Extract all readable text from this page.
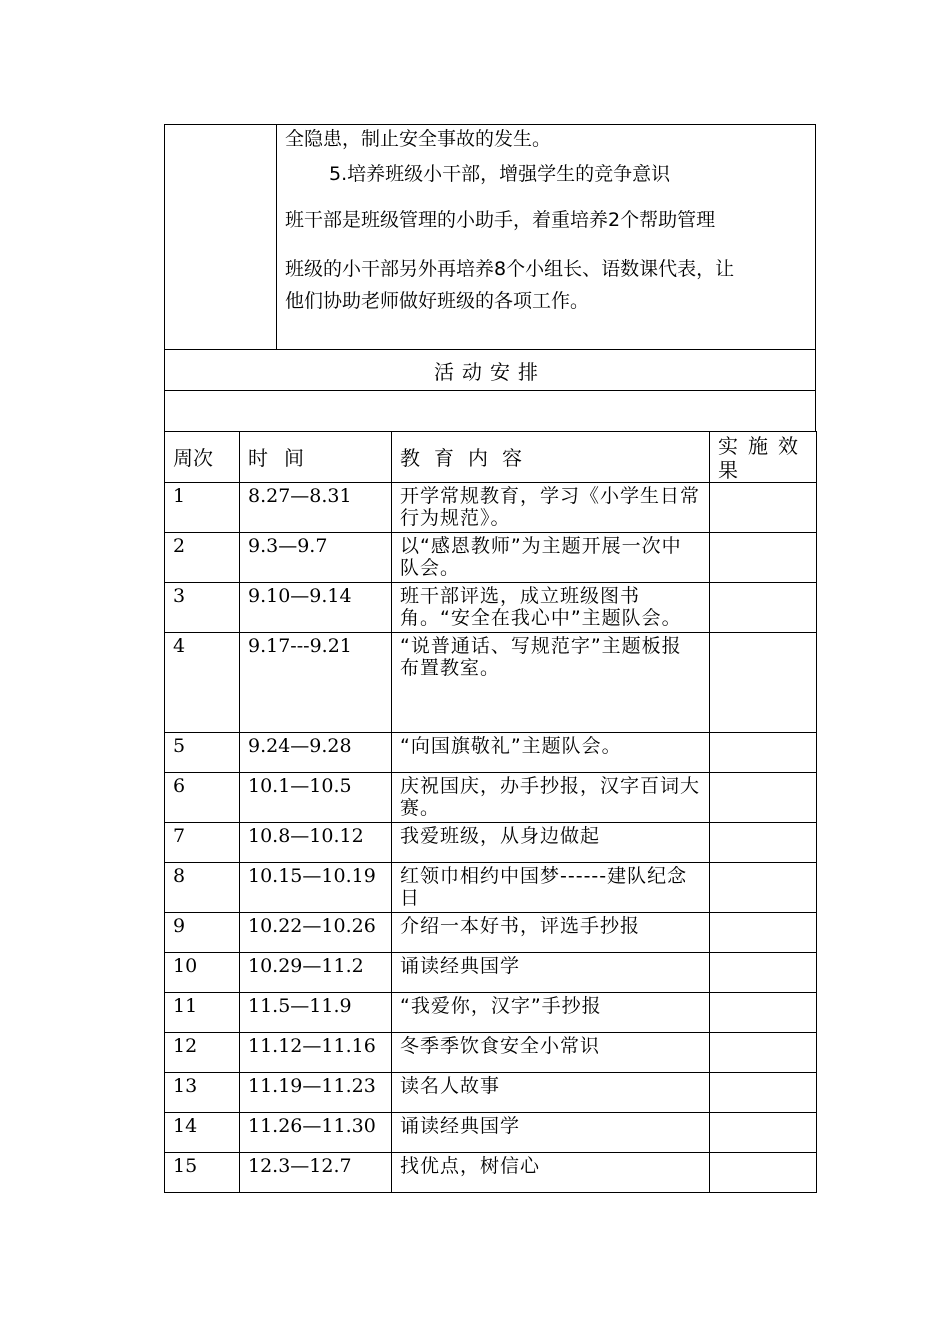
全隐患，制止安全事故的发生。

5.培养班级小干部，增强学生的竞争意识

班干部是班级管理的小助手，着重培养2个帮助管理

班级的小干部另外再培养8个小组长、语数课代表，让

他们协助老师做好班级的各项工作。

活动安排

周次	时间	教育内容	实施效果
1	8.27—8.31	开学常规教育，学习《小学生日常行为规范》。	
2	9.3—9.7	以“感恩教师”为主题开展一次中队会。	
3	9.10—9.14	班干部评选，成立班级图书角。“安全在我心中”主题队会。	
4	9.17---9.21	“说普通话、写规范字”主题板报布置教室。	
5	9.24—9.28	“向国旗敬礼”主题队会。	
6	10.1—10.5	庆祝国庆，办手抄报，汉字百词大赛。	
7	10.8—10.12	我爱班级，从身边做起	
8	10.15—10.19	红领巾相约中国梦------建队纪念日	
9	10.22—10.26	介绍一本好书，评选手抄报	
10	10.29—11.2	诵读经典国学	
11	11.5—11.9	“我爱你，汉字”手抄报	
12	11.12—11.16	冬季季饮食安全小常识	
13	11.19—11.23	读名人故事	
14	11.26—11.30	诵读经典国学	
15	12.3—12.7	找优点，树信心	
